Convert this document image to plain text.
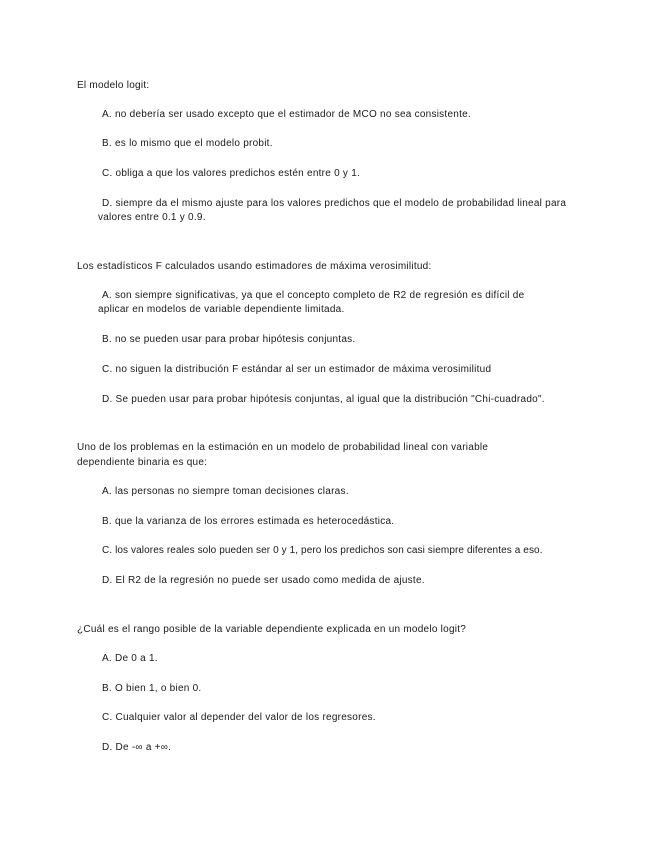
El modelo logit:

A. no debería ser usado excepto que el estimador de MCO no sea consistente.
B. es lo mismo que el modelo probit.
C. obliga a que los valores predichos estén entre 0 y 1.
D. siempre da el mismo ajuste para los valores predichos que el modelo de probabilidad lineal para valores entre 0.1 y 0.9.

Los estadísticos F calculados usando estimadores de máxima verosimilitud:

A. son siempre significativas, ya que el concepto completo de R2 de regresión es difícil de aplicar en modelos de variable dependiente limitada.
B. no se pueden usar para probar hipótesis conjuntas.
C. no siguen la distribución F estándar al ser un estimador de máxima verosimilitud
D. Se pueden usar para probar hipótesis conjuntas, al igual que la distribución "Chi-cuadrado".

Uno de los problemas en la estimación en un modelo de probabilidad lineal con variable dependiente binaria es que:

A. las personas no siempre toman decisiones claras.
B. que la varianza de los errores estimada es heterocedástica.
C. los valores reales solo pueden ser 0 y 1, pero los predichos son casi siempre diferentes a eso.
D. El R2 de la regresión no puede ser usado como medida de ajuste.

¿Cuál es el rango posible de la variable dependiente explicada en un modelo logit?

A. De 0 a 1.
B. O bien 1, o bien 0.
C. Cualquier valor al depender del valor de los regresores.
D. De -∞ a +∞.
